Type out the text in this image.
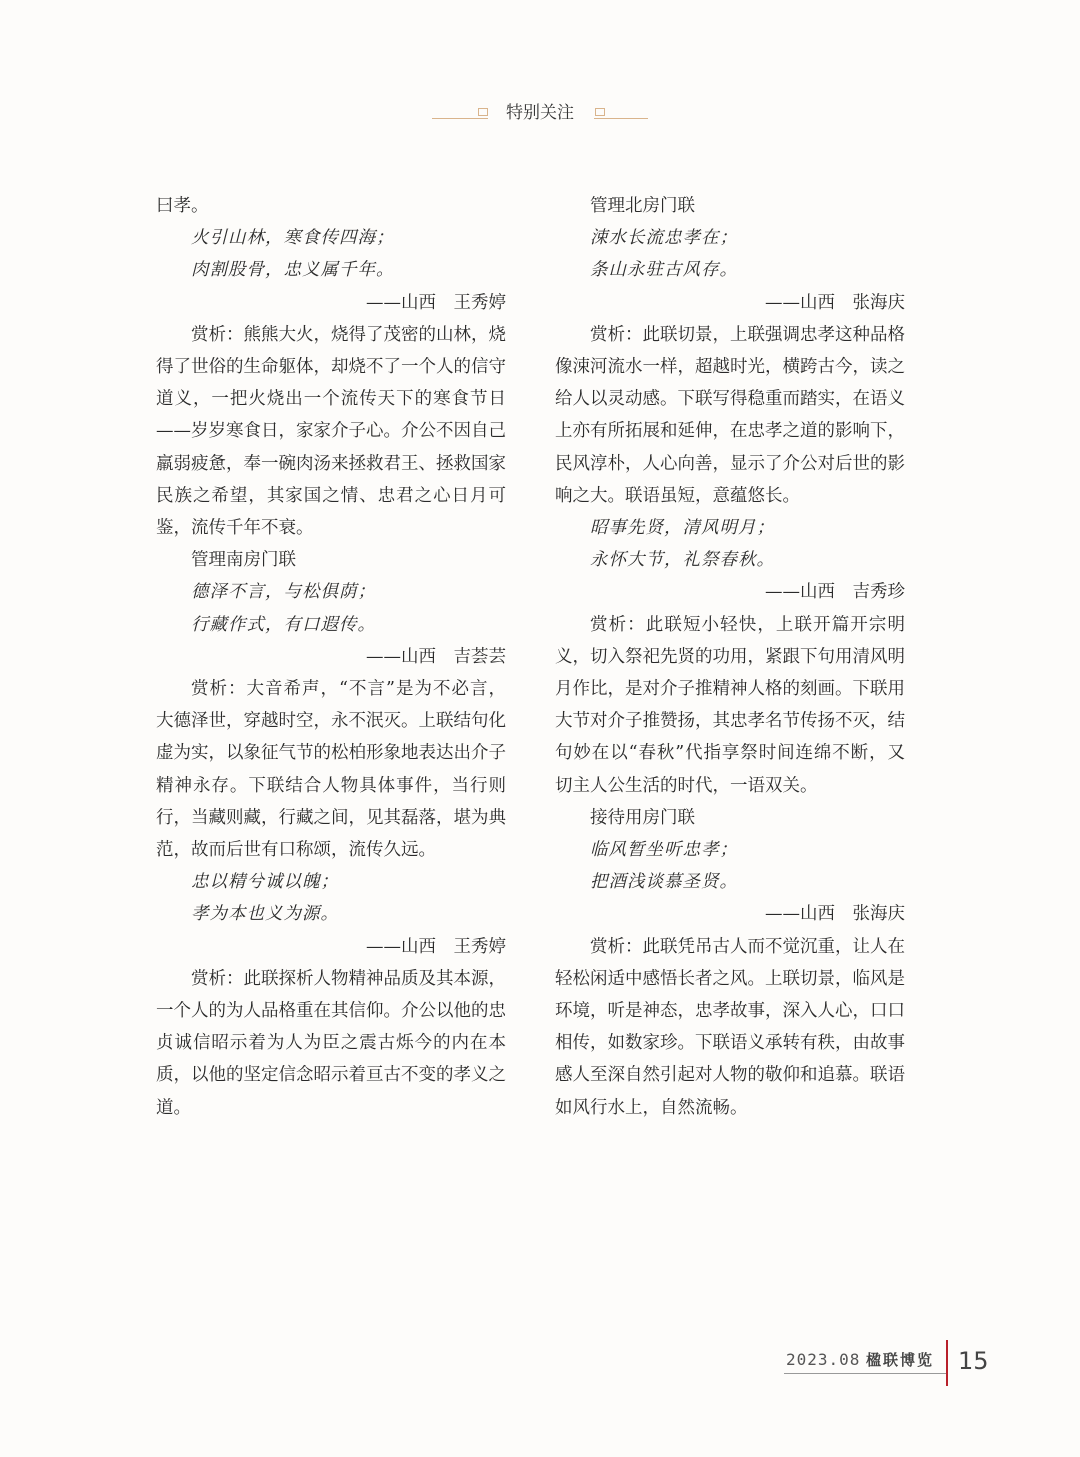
特别关注

曰孝。

火引山林，寒食传四海；

肉割股骨，忠义属千年。

——山西　王秀婷

赏析：熊熊大火，烧得了茂密的山林，烧得了世俗的生命躯体，却烧不了一个人的信守道义，一把火烧出一个流传天下的寒食节日——岁岁寒食日，家家介子心。介公不因自己羸弱疲惫，奉一碗肉汤来拯救君王、拯救国家民族之希望，其家国之情、忠君之心日月可鉴，流传千年不衰。

管理南房门联

德泽不言，与松俱荫；

行藏作式，有口遐传。

——山西　吉荟芸

赏析：大音希声，“不言”是为不必言，大德泽世，穿越时空，永不泯灭。上联结句化虚为实，以象征气节的松柏形象地表达出介子精神永存。下联结合人物具体事件，当行则行，当藏则藏，行藏之间，见其磊落，堪为典范，故而后世有口称颂，流传久远。

忠以精兮诚以魄；

孝为本也义为源。

——山西　王秀婷

赏析：此联探析人物精神品质及其本源，一个人的为人品格重在其信仰。介公以他的忠贞诚信昭示着为人为臣之震古烁今的内在本质，以他的坚定信念昭示着亘古不变的孝义之道。

管理北房门联

涑水长流忠孝在；

条山永驻古风存。

——山西　张海庆

赏析：此联切景，上联强调忠孝这种品格像涑河流水一样，超越时光，横跨古今，读之给人以灵动感。下联写得稳重而踏实，在语义上亦有所拓展和延伸，在忠孝之道的影响下，民风淳朴，人心向善，显示了介公对后世的影响之大。联语虽短，意蕴悠长。

昭事先贤，清风明月；

永怀大节，礼祭春秋。

——山西　吉秀珍

赏析：此联短小轻快，上联开篇开宗明义，切入祭祀先贤的功用，紧跟下句用清风明月作比，是对介子推精神人格的刻画。下联用大节对介子推赞扬，其忠孝名节传扬不灭，结句妙在以“春秋”代指享祭时间连绵不断，又切主人公生活的时代，一语双关。

接待用房门联

临风暂坐听忠孝；

把酒浅谈慕圣贤。

——山西　张海庆

赏析：此联凭吊古人而不觉沉重，让人在轻松闲适中感悟长者之风。上联切景，临风是环境，听是神态，忠孝故事，深入人心，口口相传，如数家珍。下联语义承转有秩，由故事感人至深自然引起对人物的敬仰和追慕。联语如风行水上，自然流畅。

2023.08 楹联博览 15
